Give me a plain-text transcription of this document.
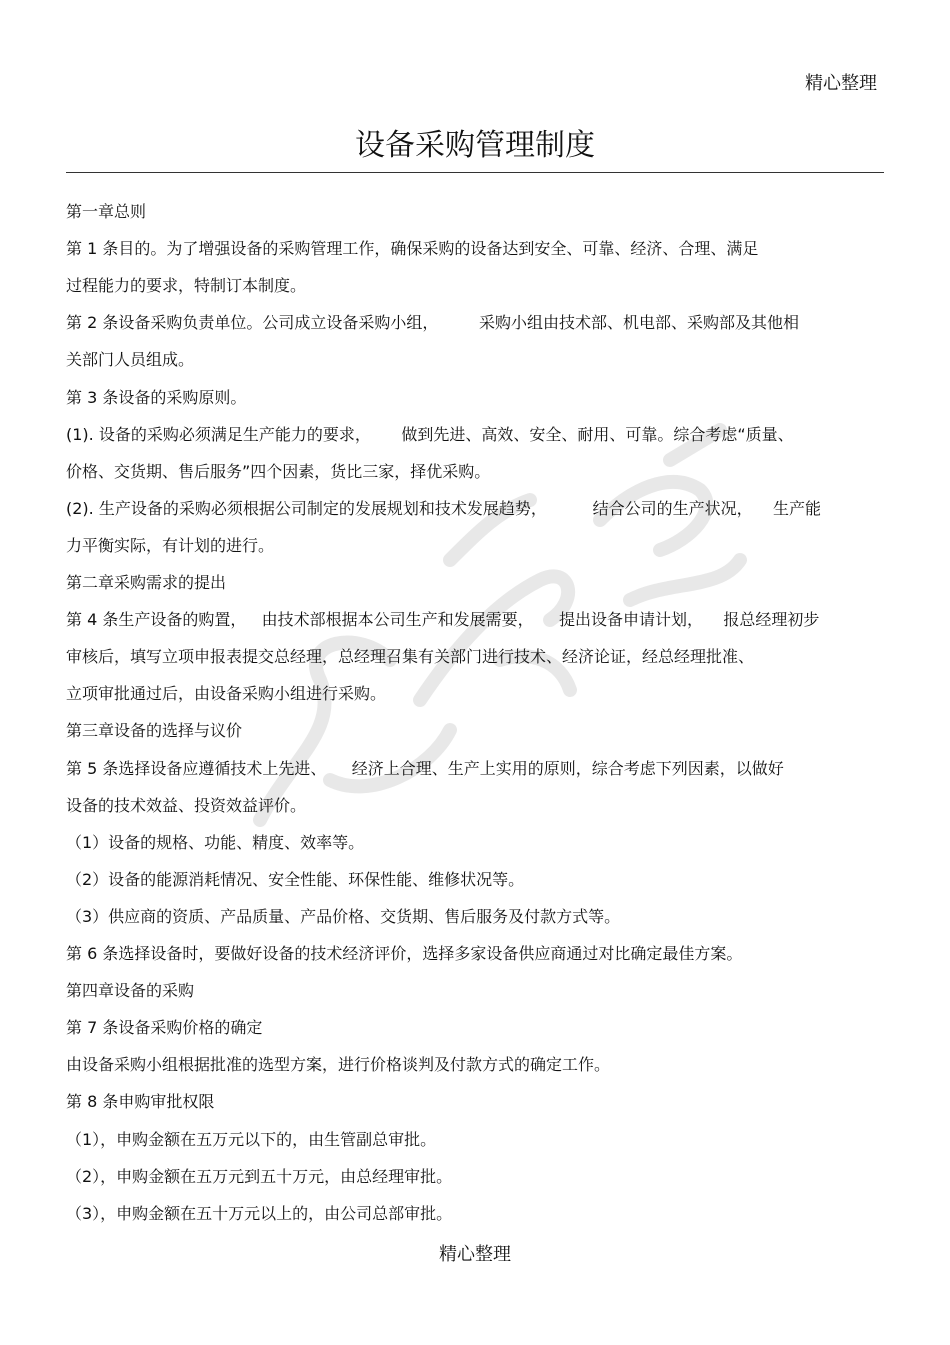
精心整理
设备采购管理制度
第一章总则
第 1 条目的。为了增强设备的采购管理工作，确保采购的设备达到安全、可靠、经济、合理、满足
过程能力的要求，特制订本制度。
第 2 条设备采购负责单位。公司成立设备采购小组，        采购小组由技术部、机电部、采购部及其他相
关部门人员组成。
第 3 条设备的采购原则。
(1). 设备的采购必须满足生产能力的要求，      做到先进、高效、安全、耐用、可靠。综合考虑“质量、
价格、交货期、售后服务”四个因素，货比三家，择优采购。
(2). 生产设备的采购必须根据公司制定的发展规划和技术发展趋势，         结合公司的生产状况，    生产能
力平衡实际，有计划的进行。
第二章采购需求的提出
第 4 条生产设备的购置，   由技术部根据本公司生产和发展需要，     提出设备申请计划，    报总经理初步
审核后，填写立项申报表提交总经理，总经理召集有关部门进行技术、经济论证，经总经理批准、
立项审批通过后，由设备采购小组进行采购。
第三章设备的选择与议价
第 5 条选择设备应遵循技术上先进、     经济上合理、生产上实用的原则，综合考虑下列因素，以做好
设备的技术效益、投资效益评价。
（1）设备的规格、功能、精度、效率等。
（2）设备的能源消耗情况、安全性能、环保性能、维修状况等。
（3）供应商的资质、产品质量、产品价格、交货期、售后服务及付款方式等。
第 6 条选择设备时，要做好设备的技术经济评价，选择多家设备供应商通过对比确定最佳方案。
第四章设备的采购
第 7 条设备采购价格的确定
由设备采购小组根据批准的选型方案，进行价格谈判及付款方式的确定工作。
第 8 条申购审批权限
（1），申购金额在五万元以下的，由生管副总审批。
（2），申购金额在五万元到五十万元，由总经理审批。
（3），申购金额在五十万元以上的，由公司总部审批。
精心整理
